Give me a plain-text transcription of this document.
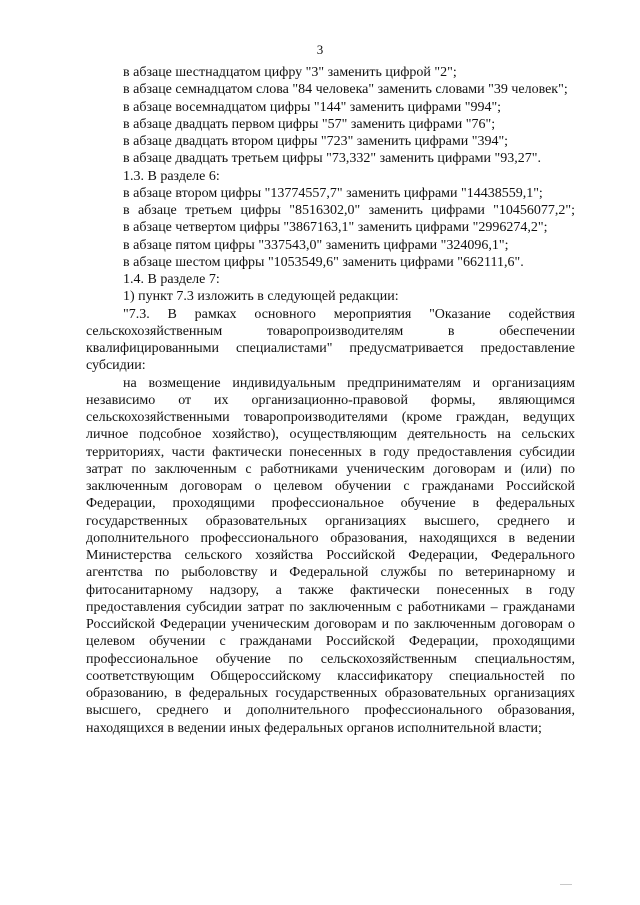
3

в абзаце шестнадцатом цифру "3" заменить цифрой "2";

в абзаце семнадцатом слова "84 человека" заменить словами "39 человек";

в абзаце восемнадцатом цифры "144" заменить цифрами "994";

в абзаце двадцать первом цифры "57" заменить цифрами "76";

в абзаце двадцать втором цифры "723" заменить цифрами "394";

в абзаце двадцать третьем цифры "73,332" заменить цифрами "93,27".

1.3. В разделе 6:

в абзаце втором цифры "13774557,7" заменить цифрами "14438559,1";

в абзаце третьем цифры "8516302,0" заменить цифрами "10456077,2";

в абзаце четвертом цифры "3867163,1" заменить цифрами "2996274,2";

в абзаце пятом цифры "337543,0" заменить цифрами "324096,1";

в абзаце шестом цифры "1053549,6" заменить цифрами "662111,6".

1.4. В разделе 7:

1) пункт 7.3 изложить в следующей редакции:

"7.3. В рамках основного мероприятия "Оказание содействия сельскохозяйственным товаропроизводителям в обеспечении квалифицированными специалистами" предусматривается предоставление субсидии:

на возмещение индивидуальным предпринимателям и организациям независимо от их организационно-правовой формы, являющимся сельскохозяйственными товаропроизводителями (кроме граждан, ведущих личное подсобное хозяйство), осуществляющим деятельность на сельских территориях, части фактически понесенных в году предоставления субсидии затрат по заключенным с работниками ученическим договорам и (или) по заключенным договорам о целевом обучении с гражданами Российской Федерации, проходящими профессиональное обучение в федеральных государственных образовательных организациях высшего, среднего и дополнительного профессионального образования, находящихся в ведении Министерства сельского хозяйства Российской Федерации, Федерального агентства по рыболовству и Федеральной службы по ветеринарному и фитосанитарному надзору, а также фактически понесенных в году предоставления субсидии затрат по заключенным с работниками – гражданами Российской Федерации ученическим договорам и по заключенным договорам о целевом обучении с гражданами Российской Федерации, проходящими профессиональное обучение по сельскохозяйственным специальностям, соответствующим Общероссийскому классификатору специальностей по образованию, в федеральных государственных образовательных организациях высшего, среднего и дополнительного профессионального образования, находящихся в ведении иных федеральных органов исполнительной власти;
